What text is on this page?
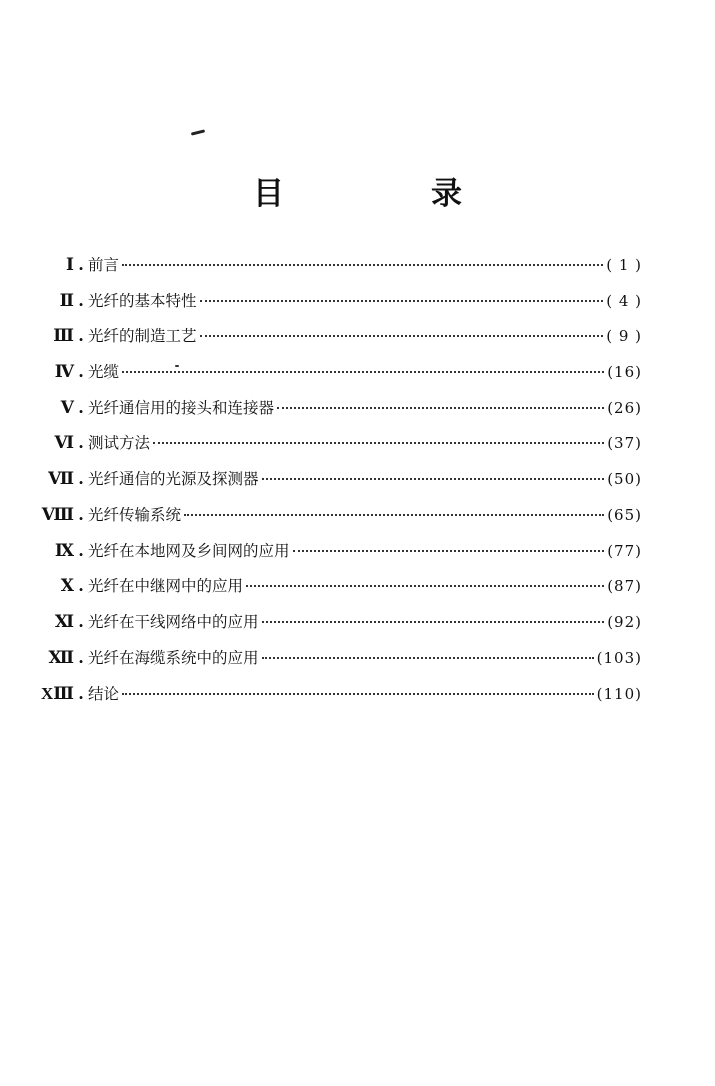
目　录
Ⅰ . 前言	( 1 )
Ⅱ . 光纤的基本特性	( 4 )
Ⅲ . 光纤的制造工艺	( 9 )
Ⅳ . 光缆	(16)
Ⅴ . 光纤通信用的接头和连接器	(26)
Ⅵ . 测试方法	(37)
Ⅶ . 光纤通信的光源及探测器	(50)
Ⅷ . 光纤传输系统	(65)
Ⅸ . 光纤在本地网及乡间网的应用	(77)
Ⅹ . 光纤在中继网中的应用	(87)
Ⅺ . 光纤在干线网络中的应用	(92)
Ⅻ . 光纤在海缆系统中的应用	(103)
XⅢ . 结论	(110)
